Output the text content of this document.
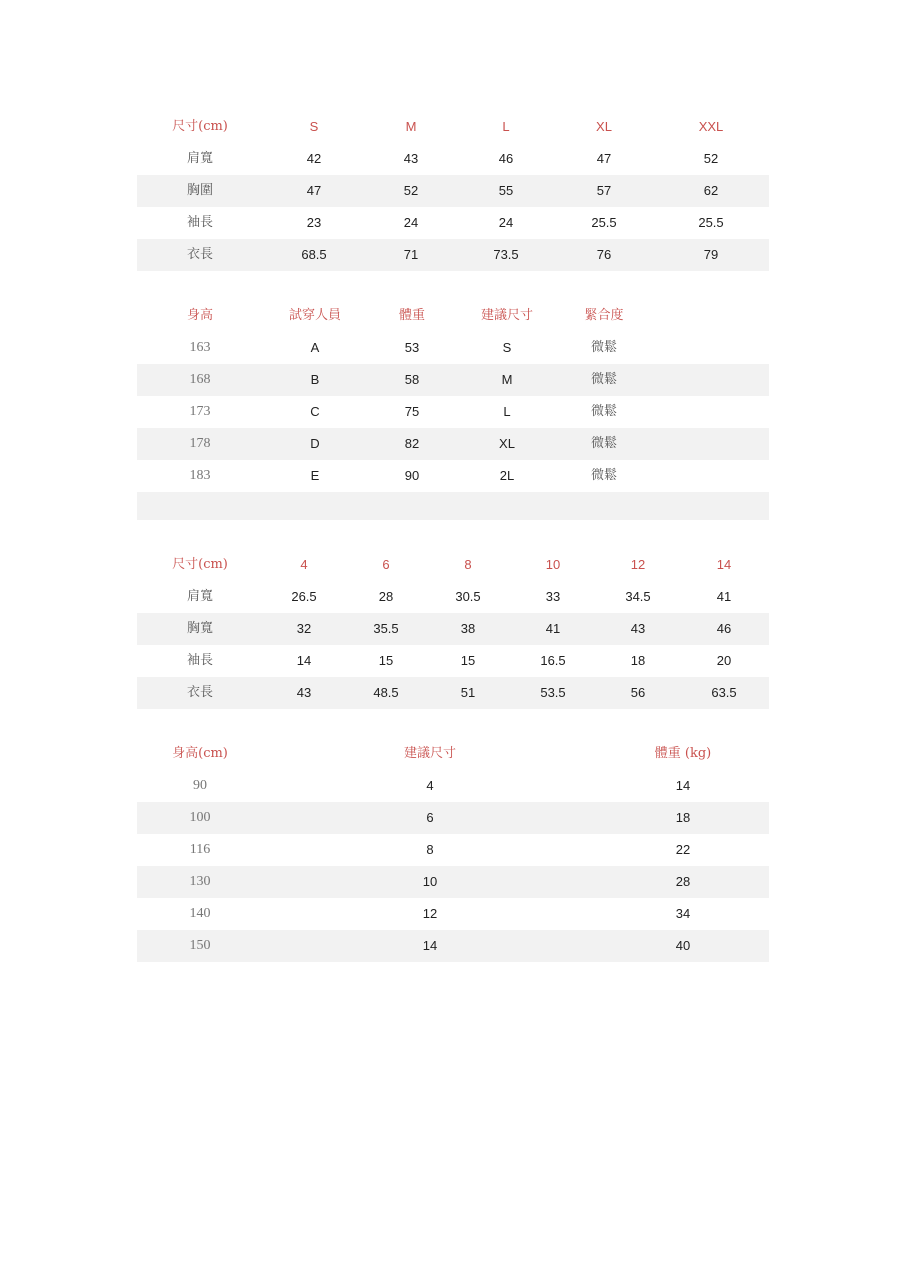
尺寸(cm)	S	M	L	XL	XXL
肩寬	42	43	46	47	52
胸圍	47	52	55	57	62
袖長	23	24	24	25.5	25.5
衣長	68.5	71	73.5	76	79
身高	試穿人員	體重	建議尺寸	緊合度
163	A	53	S	微鬆
168	B	58	M	微鬆
173	C	75	L	微鬆
178	D	82	XL	微鬆
183	E	90	2L	微鬆
尺寸(cm)	4	6	8	10	12	14
肩寬	26.5	28	30.5	33	34.5	41
胸寬	32	35.5	38	41	43	46
袖長	14	15	15	16.5	18	20
衣長	43	48.5	51	53.5	56	63.5
身高(cm)	建議尺寸	體重 (kg)
90	4	14
100	6	18
116	8	22
130	10	28
140	12	34
150	14	40
